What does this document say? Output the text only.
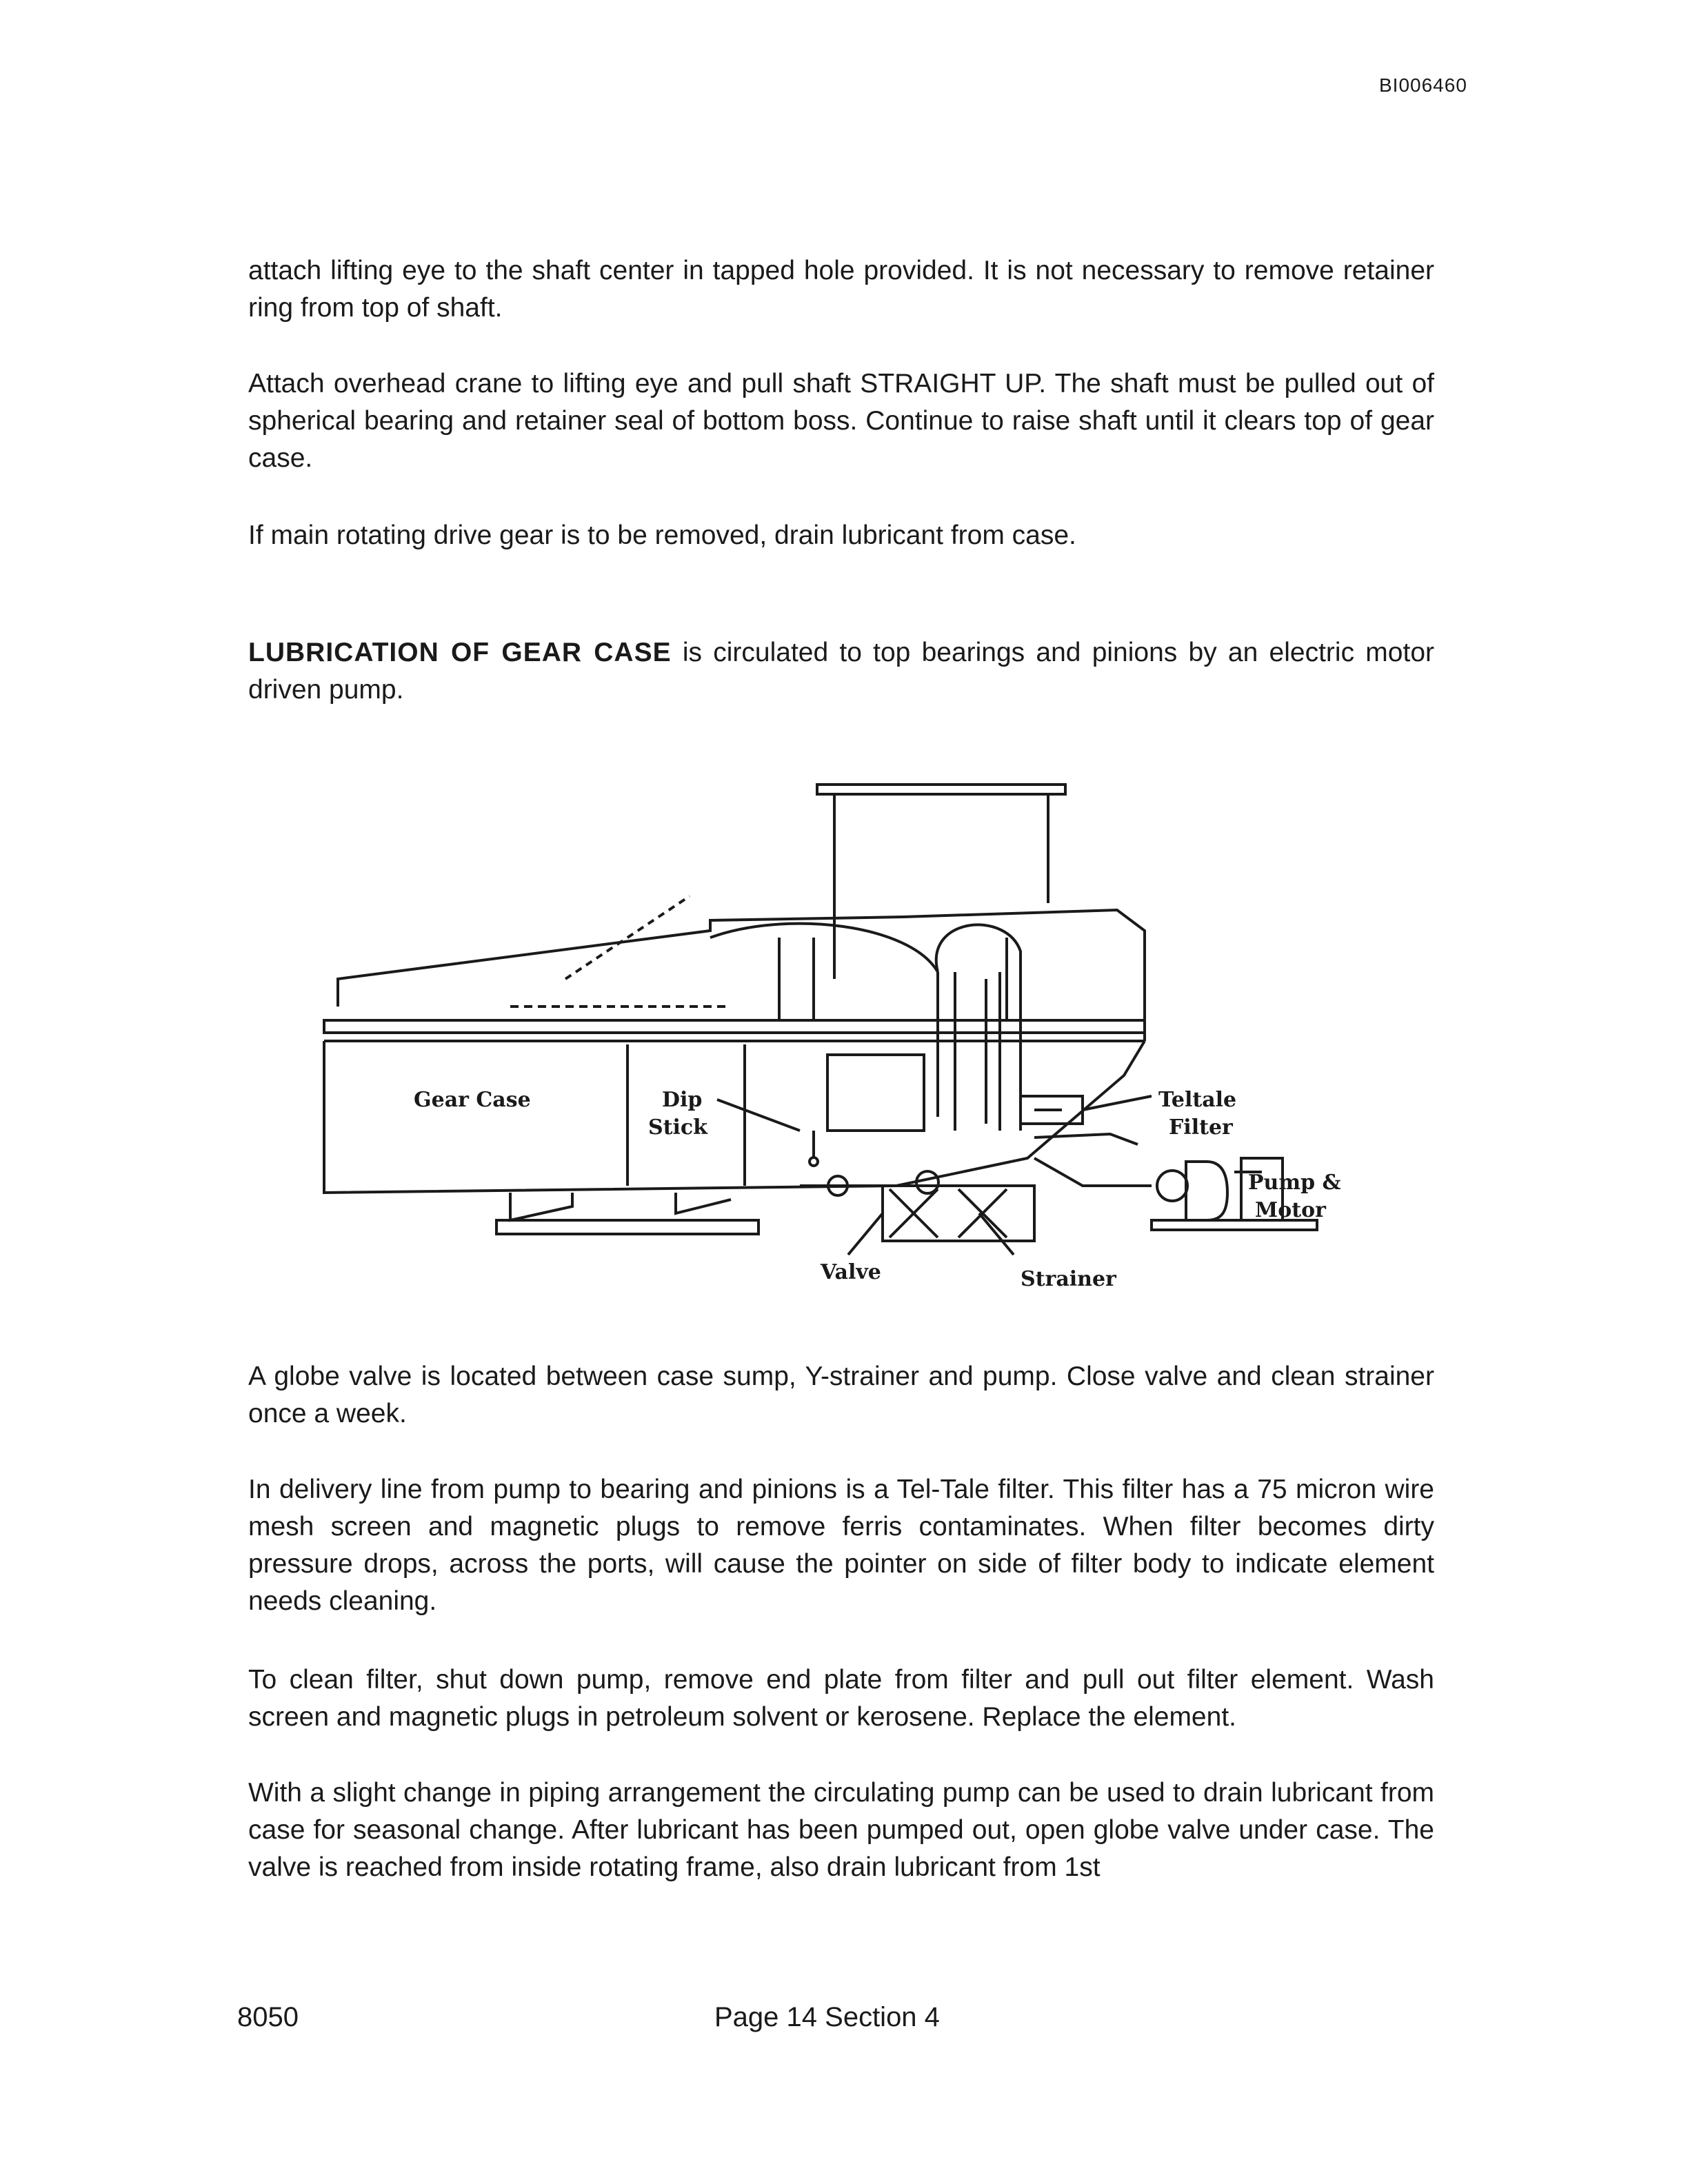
BI006460

attach lifting eye to the shaft center in tapped hole provided. It is not necessary to remove retainer ring from top of shaft.

Attach overhead crane to lifting eye and pull shaft STRAIGHT UP. The shaft must be pulled out of spherical bearing and retainer seal of bottom boss. Continue to raise shaft until it clears top of gear case.

If main rotating drive gear is to be removed, drain lubricant from case.

LUBRICATION OF GEAR CASE is circulated to top bearings and pinions by an electric motor driven pump.

Gear Case	Dip
Stick
Teltale
Filter
Pump &
Motor
Valve	Strainer

A globe valve is located between case sump, Y-strainer and pump. Close valve and clean strainer once a week.

In delivery line from pump to bearing and pinions is a Tel-Tale filter. This filter has a 75 micron wire mesh screen and magnetic plugs to remove ferris contaminates. When filter becomes dirty pressure drops, across the ports, will cause the pointer on side of filter body to indicate element needs cleaning.

To clean filter, shut down pump, remove end plate from filter and pull out filter element. Wash screen and magnetic plugs in petroleum solvent or kerosene. Replace the element.

With a slight change in piping arrangement the circulating pump can be used to drain lubricant from case for seasonal change. After lubricant has been pumped out, open globe valve under case. The valve is reached from inside rotating frame, also drain lubricant from 1st

8050	Page 14 Section 4
